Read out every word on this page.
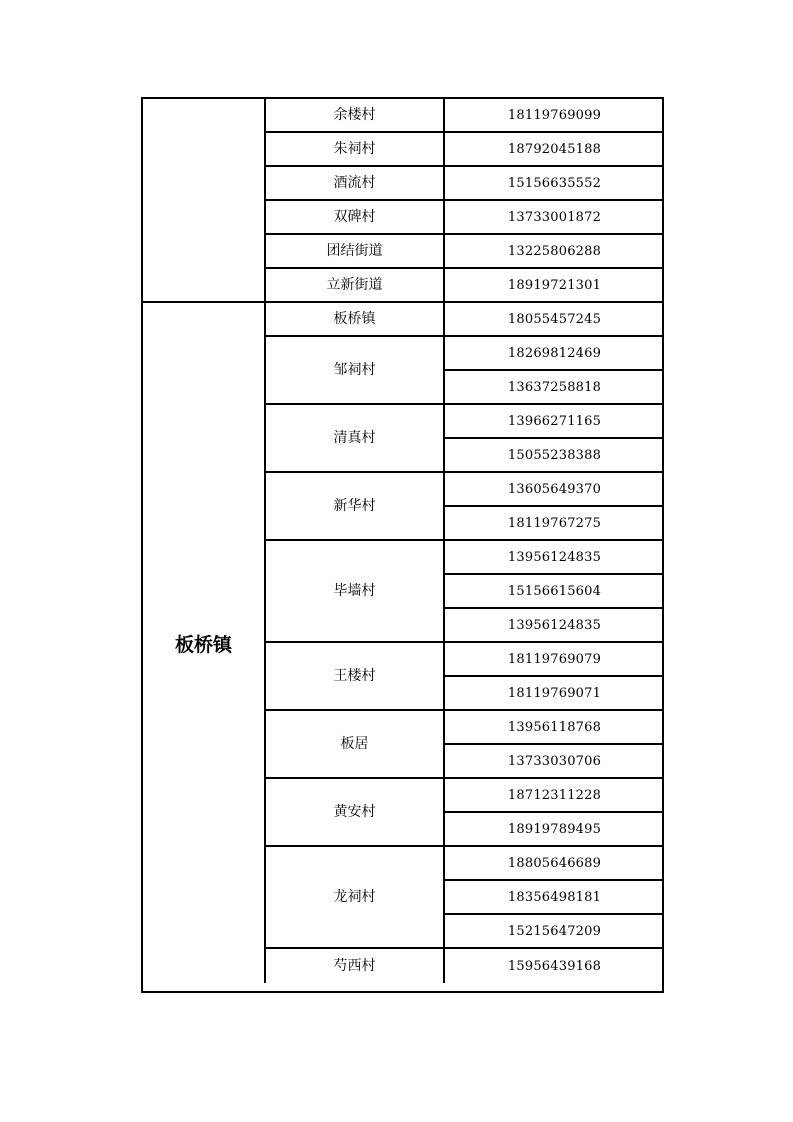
板桥镇
余楼村
朱祠村
酒流村
双碑村
团结街道
立新街道
板桥镇
邹祠村
清真村
新华村
毕墙村
王楼村
板居
黄安村
龙祠村
芍西村
18119769099
18792045188
15156635552
13733001872
13225806288
18919721301
18055457245
18269812469
13637258818
13966271165
15055238388
13605649370
18119767275
13956124835
15156615604
13956124835
18119769079
18119769071
13956118768
13733030706
18712311228
18919789495
18805646689
18356498181
15215647209
15956439168
